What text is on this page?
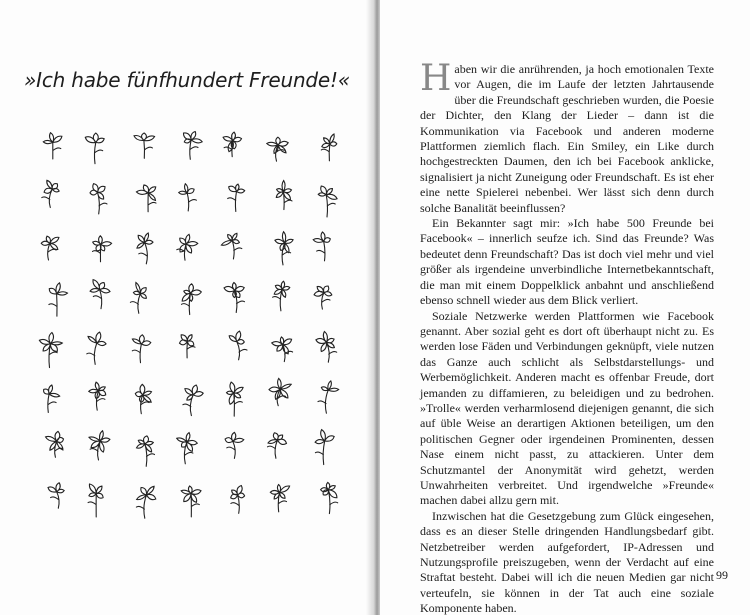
»Ich habe fünfhundert Freunde!«	Haben wir die anrührenden, ja hoch emotionalen Texte vor Augen, die im Laufe der letzten Jahrtausende über die Freundschaft geschrieben wurden, die Poesie der Dichter, den Klang der Lieder – dann ist die Kommunikation via Facebook und anderen moderne Plattformen ziemlich flach. Ein Smiley, ein Like durch hochgestreckten Daumen, den ich bei Facebook anklicke, signalisiert ja nicht Zuneigung oder Freundschaft. Es ist eher eine nette Spielerei nebenbei. Wer lässt sich denn durch solche Banalität beeinflussen?

Ein Bekannter sagt mir: »Ich habe 500 Freunde bei Facebook« – innerlich seufze ich. Sind das Freunde? Was bedeutet denn Freundschaft? Das ist doch viel mehr und viel größer als irgendeine unverbindliche Internetbekanntschaft, die man mit einem Doppelklick anbahnt und anschließend ebenso schnell wieder aus dem Blick verliert.

Soziale Netzwerke werden Plattformen wie Facebook genannt. Aber sozial geht es dort oft überhaupt nicht zu. Es werden lose Fäden und Verbindungen geknüpft, viele nutzen das Ganze auch schlicht als Selbstdarstellungs- und Werbemöglichkeit. Anderen macht es offenbar Freude, dort jemanden zu diffamieren, zu beleidigen und zu bedrohen. »Trolle« werden verharmlosend diejenigen genannt, die sich auf üble Weise an derartigen Aktionen beteiligen, um den politischen Gegner oder irgendeinen Prominenten, dessen Nase einem nicht passt, zu attackieren. Unter dem Schutzmantel der Anonymität wird gehetzt, werden Unwahrheiten verbreitet. Und irgendwelche »Freunde« machen dabei allzu gern mit.

Inzwischen hat die Gesetzgebung zum Glück eingesehen, dass es an dieser Stelle dringenden Handlungsbedarf gibt. Netzbetreiber werden aufgefordert, IP-Adressen und Nutzungsprofile preiszugeben, wenn der Verdacht auf eine Straftat besteht. Dabei will ich die neuen Medien gar nicht verteufeln, sie können in der Tat auch eine soziale Komponente haben.

99
